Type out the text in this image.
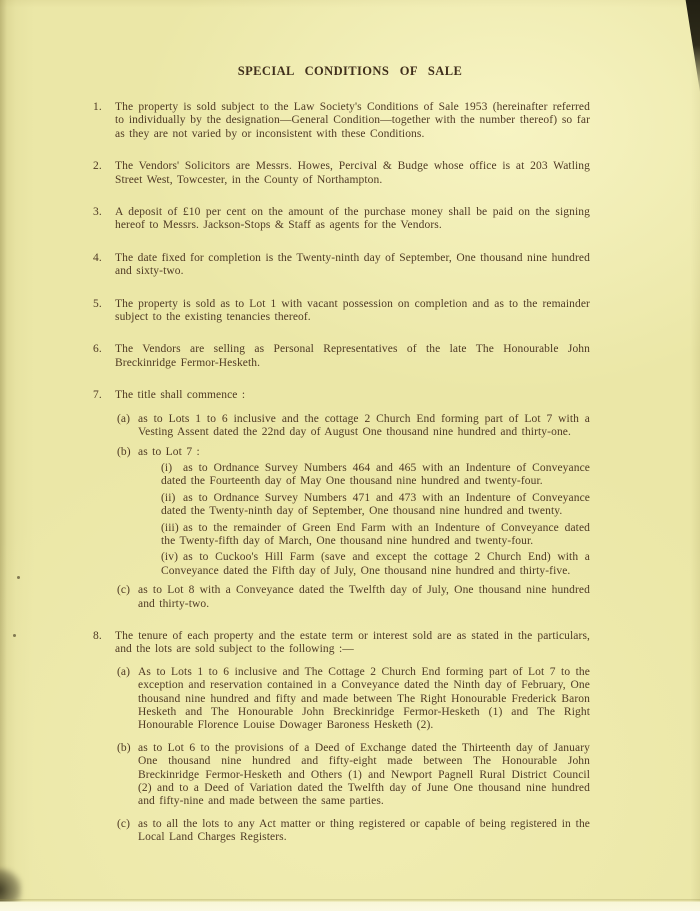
SPECIAL CONDITIONS OF SALE
1.	The property is sold subject to the Law Society's Conditions of Sale 1953 (hereinafter referred to individually by the designation—General Condition—together with the number thereof) so far as they are not varied by or inconsistent with these Conditions.

2.	The Vendors' Solicitors are Messrs. Howes, Percival & Budge whose office is at 203 Watling Street West, Towcester, in the County of Northampton.

3.	A deposit of £10 per cent on the amount of the purchase money shall be paid on the signing hereof to Messrs. Jackson-Stops & Staff as agents for the Vendors.

4.	The date fixed for completion is the Twenty-ninth day of September, One thousand nine hundred and sixty-two.

5.	The property is sold as to Lot 1 with vacant possession on completion and as to the remainder subject to the existing tenancies thereof.

6.	The Vendors are selling as Personal Representatives of the late The Honourable John Breckinridge Fermor-Hesketh.

7.	The title shall commence :

(a) as to Lots 1 to 6 inclusive and the cottage 2 Church End forming part of Lot 7 with a Vesting Assent dated the 22nd day of August One thousand nine hundred and thirty-one.

(b) as to Lot 7 :

(i) as to Ordnance Survey Numbers 464 and 465 with an Indenture of Conveyance dated the Fourteenth day of May One thousand nine hundred and twenty-four.

(ii) as to Ordnance Survey Numbers 471 and 473 with an Indenture of Conveyance dated the Twenty-ninth day of September, One thousand nine hundred and twenty.

(iii) as to the remainder of Green End Farm with an Indenture of Conveyance dated the Twenty-fifth day of March, One thousand nine hundred and twenty-four.

(iv) as to Cuckoo's Hill Farm (save and except the cottage 2 Church End) with a Conveyance dated the Fifth day of July, One thousand nine hundred and thirty-five.

(c) as to Lot 8 with a Conveyance dated the Twelfth day of July, One thousand nine hundred and thirty-two.

8.	The tenure of each property and the estate term or interest sold are as stated in the particulars, and the lots are sold subject to the following :—

(a) As to Lots 1 to 6 inclusive and The Cottage 2 Church End forming part of Lot 7 to the exception and reservation contained in a Conveyance dated the Ninth day of February, One thousand nine hundred and fifty and made between The Right Honourable Frederick Baron Hesketh and The Honourable John Breckinridge Fermor-Hesketh (1) and The Right Honourable Florence Louise Dowager Baroness Hesketh (2).

(b) as to Lot 6 to the provisions of a Deed of Exchange dated the Thirteenth day of January One thousand nine hundred and fifty-eight made between The Honourable John Breckinridge Fermor-Hesketh and Others (1) and Newport Pagnell Rural District Council (2) and to a Deed of Variation dated the Twelfth day of June One thousand nine hundred and fifty-nine and made between the same parties.

(c) as to all the lots to any Act matter or thing registered or capable of being registered in the Local Land Charges Registers.
